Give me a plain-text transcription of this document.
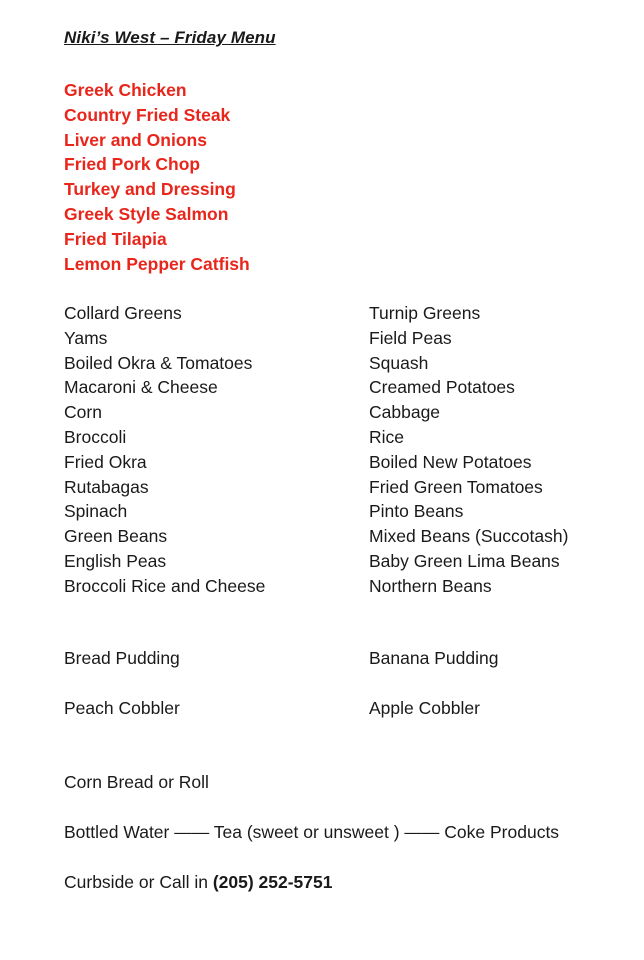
Niki’s West – Friday Menu
Greek Chicken
Country Fried Steak
Liver and Onions
Fried Pork Chop
Turkey and Dressing
Greek Style Salmon
Fried Tilapia
Lemon Pepper Catfish
Collard Greens
Yams
Boiled Okra & Tomatoes
Macaroni & Cheese
Corn
Broccoli
Fried Okra
Rutabagas
Spinach
Green Beans
English Peas
Broccoli Rice and Cheese
Turnip Greens
Field Peas
Squash
Creamed Potatoes
Cabbage
Rice
Boiled New Potatoes
Fried Green Tomatoes
Pinto Beans
Mixed Beans (Succotash)
Baby Green Lima Beans
Northern Beans
Bread Pudding	Banana Pudding
Peach Cobbler	Apple Cobbler
Corn Bread or Roll
Bottled Water —— Tea (sweet or unsweet ) —— Coke Products
Curbside or Call in (205) 252-5751
